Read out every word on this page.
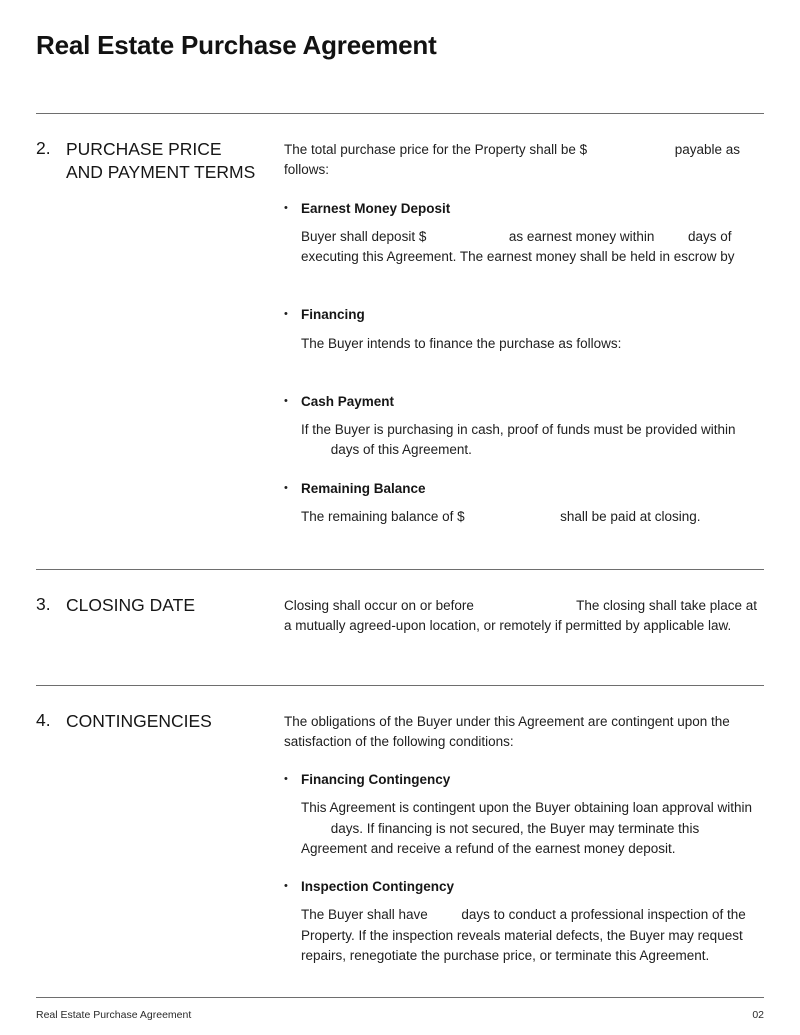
Real Estate Purchase Agreement
2. PURCHASE PRICE
AND PAYMENT TERMS

The total purchase price for the Property shall be $	payable as follows:

• Earnest Money Deposit

Buyer shall deposit $	as earnest money within days of executing this Agreement. The earnest money shall be held in escrow by

• Financing

The Buyer intends to finance the purchase as follows:

• Cash Payment

If the Buyer is purchasing in cash, proof of funds must be provided within  days of this Agreement.

• Remaining Balance

The remaining balance of $	shall be paid at closing.

3. CLOSING DATE	Closing shall occur on or before	The closing shall take place at a mutually agreed-upon location, or remotely if permitted by applicable law.

4. CONTINGENCIES	The obligations of the Buyer under this Agreement are contingent upon the satisfaction of the following conditions:

• Financing Contingency

This Agreement is contingent upon the Buyer obtaining loan approval within  days. If financing is not secured, the Buyer may terminate this Agreement and receive a refund of the earnest money deposit.

• Inspection Contingency

The Buyer shall have days to conduct a professional inspection of the Property. If the inspection reveals material defects, the Buyer may request repairs, renegotiate the purchase price, or terminate this Agreement.

Real Estate Purchase Agreement	02
